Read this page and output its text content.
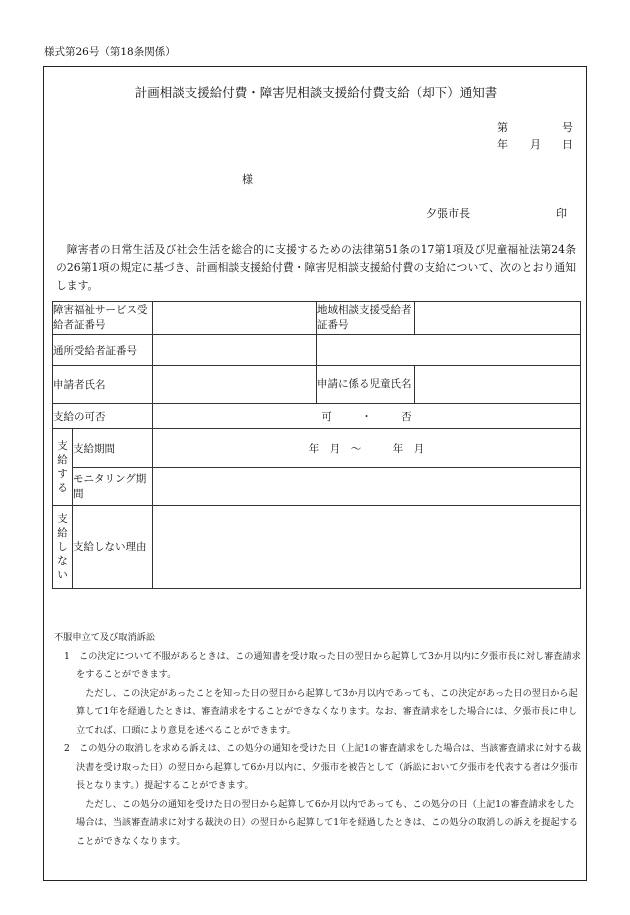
様式第26号（第18条関係）
計画相談支援給付費・障害児相談支援給付費支給（却下）通知書
第	号
年 月 日
様
夕張市長	印
障害者の日常生活及び社会生活を総合的に支援するための法律第51条の17第1項及び児童福祉法第24条の26第1項の規定に基づき、計画相談支援給付費・障害児相談支援給付費の支給について、次のとおり通知します。
障害福祉サービス受給者証番号			地域相談支援受給者証番号	

通所受給者証番号			

申請者氏名			申請に係る児童氏名	
支給の可否		可 ・ 否		

支給する	支給期間	年　月　〜　　　年　月		
	モニタリング期間			

支給しない	支給しない理由			

不服申立て及び取消訴訟

1　この決定について不服があるときは、この通知書を受け取った日の翌日から起算して3か月以内に夕張市長に対し審査請求をすることができます。

ただし、この決定があったことを知った日の翌日から起算して3か月以内であっても、この決定があった日の翌日から起算して1年を経過したときは、審査請求をすることができなくなります。なお、審査請求をした場合には、夕張市長に申し立てれば、口頭により意見を述べることができます。

2　この処分の取消しを求める訴えは、この処分の通知を受けた日（上記1の審査請求をした場合は、当該審査請求に対する裁決書を受け取った日）の翌日から起算して6か月以内に、夕張市を被告として（訴訟において夕張市を代表する者は夕張市長となります。）提起することができます。

ただし、この処分の通知を受けた日の翌日から起算して6か月以内であっても、この処分の日（上記1の審査請求をした場合は、当該審査請求に対する裁決の日）の翌日から起算して1年を経過したときは、この処分の取消しの訴えを提起することができなくなります。
